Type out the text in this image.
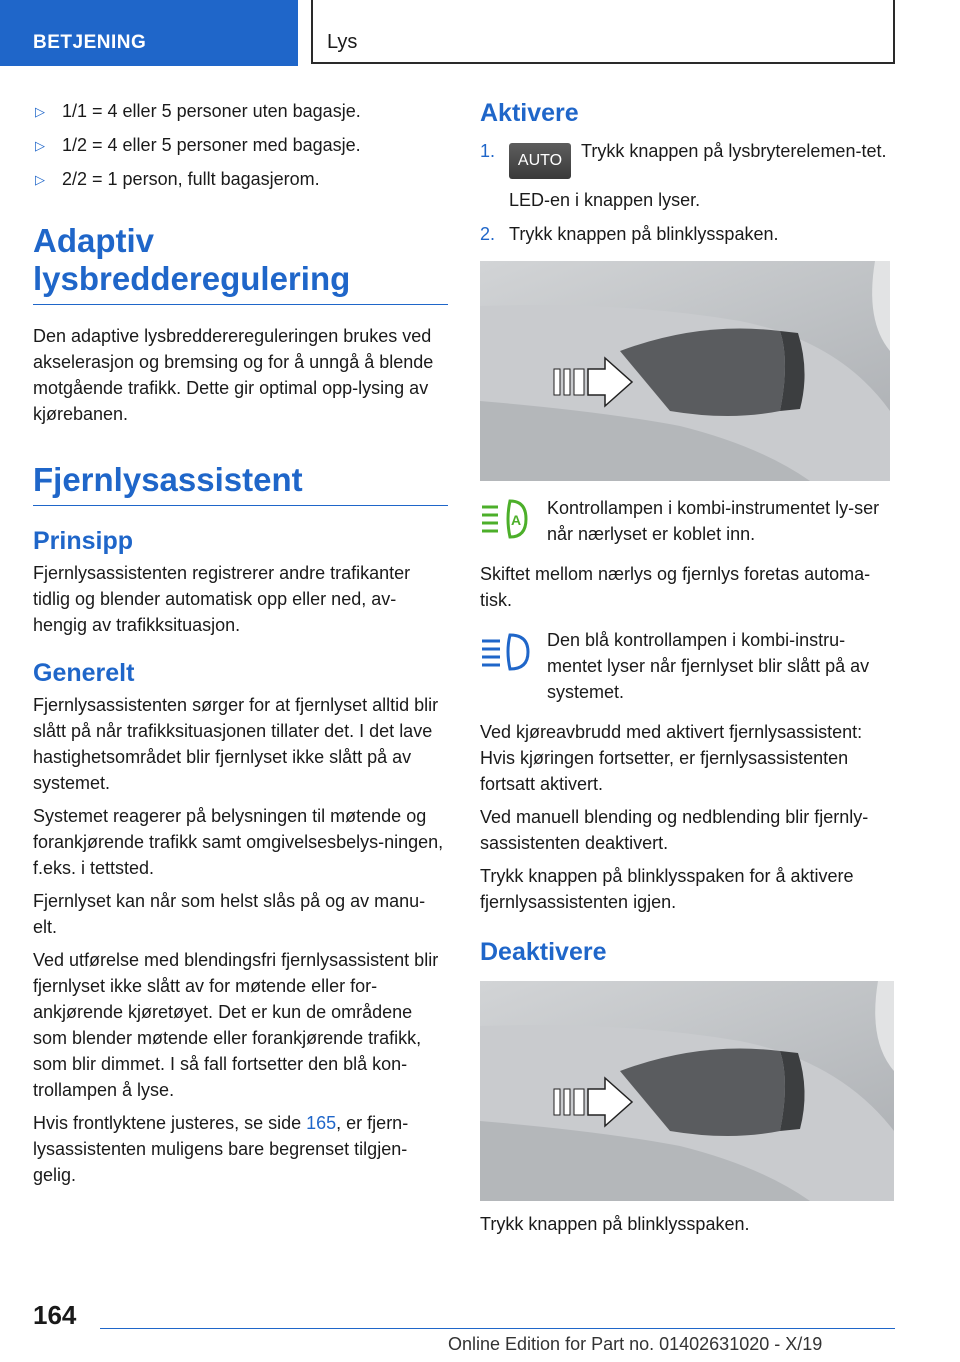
BETJENING	Lys
▷ 1/1 = 4 eller 5 personer uten bagasje.
▷ 1/2 = 4 eller 5 personer med bagasje.
▷ 2/2 = 1 person, fullt bagasjerom.
Adaptiv lysbredderegulering

Den adaptive lysbredderereguleringen brukes ved akselerasjon og bremsing og for å unngå å blende motgående trafikk. Dette gir optimal opp-lysing av kjørebanen.

Fjernlysassistent
Prinsipp

Fjernlysassistenten registrerer andre trafikanter tidlig og blender automatisk opp eller ned, av-hengig av trafikksituasjon.

Generelt

Fjernlysassistenten sørger for at fjernlyset alltid blir slått på når trafikksituasjonen tillater det. I det lave hastighetsområdet blir fjernlyset ikke slått på av systemet.

Systemet reagerer på belysningen til møtende og forankjørende trafikk samt omgivelsesbelys-ningen, f.eks. i tettsted.

Fjernlyset kan når som helst slås på og av manu-elt.

Ved utførelse med blendingsfri fjernlysassistent blir fjernlyset ikke slått av for møtende eller for-ankjørende kjøretøyet. Det er kun de områdene som blender møtende eller forankjørende trafikk, som blir dimmet. I så fall fortsetter den blå kon-trollampen å lyse.

Hvis frontlyktene justeres, se side 165, er fjern-lysassistenten muligens bare begrenset tilgjen-gelig.

Aktivere
1. AUTO Trykk knappen på lysbryterelemen-tet.
LED-en i knappen lyser.
2. Trykk knappen på blinklysspaken.
A
Kontrollampen i kombi-instrumentet ly-ser når nærlyset er koblet inn.

Skiftet mellom nærlys og fjernlys foretas automa-tisk.

Den blå kontrollampen i kombi-instru-mentet lyser når fjernlyset blir slått på av systemet.

Ved kjøreavbrudd med aktivert fjernlysassistent: Hvis kjøringen fortsetter, er fjernlysassistenten fortsatt aktivert.

Ved manuell blending og nedblending blir fjernly-sassistenten deaktivert.

Trykk knappen på blinklysspaken for å aktivere fjernlysassistenten igjen.

Deaktivere

Trykk knappen på blinklysspaken.

164
Online Edition for Part no. 01402631020 - X/19
